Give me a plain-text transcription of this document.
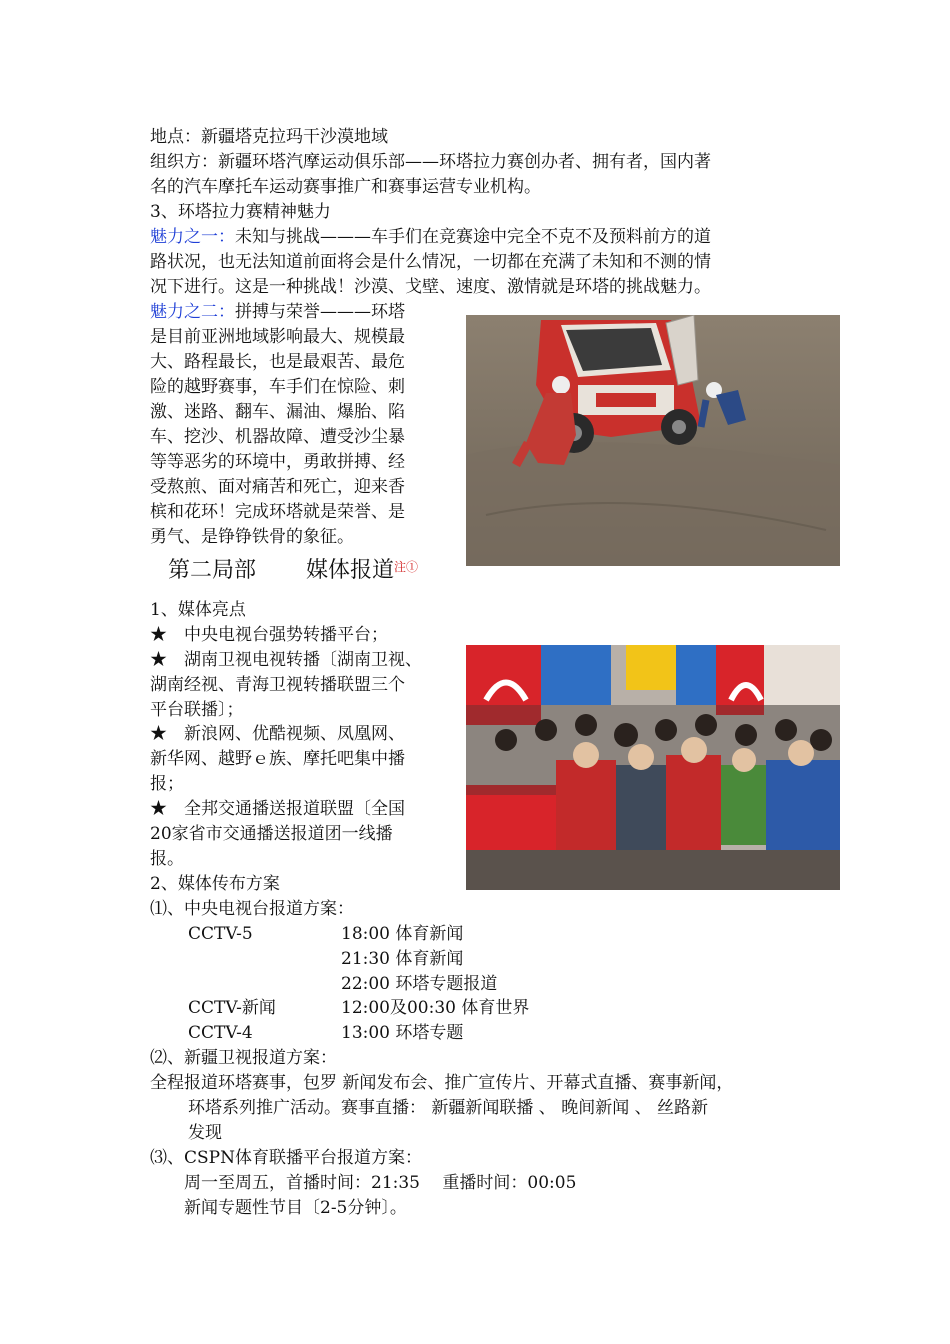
地点：新疆塔克拉玛干沙漠地域
组织方：新疆环塔汽摩运动俱乐部——环塔拉力赛创办者、拥有者，国内著
名的汽车摩托车运动赛事推广和赛事运营专业机构。
3、环塔拉力赛精神魅力
魅力之一：未知与挑战———车手们在竞赛途中完全不克不及预料前方的道
路状况，也无法知道前面将会是什么情况，一切都在充满了未知和不测的情
况下进行。这是一种挑战！沙漠、戈壁、速度、激情就是环塔的挑战魅力。
魅力之二：拼搏与荣誉———环塔
是目前亚洲地域影响最大、规模最
大、路程最长，也是最艰苦、最危
险的越野赛事，车手们在惊险、刺
激、迷路、翻车、漏油、爆胎、陷
车、挖沙、机器故障、遭受沙尘暴
等等恶劣的环境中，勇敢拼搏、经
受熬煎、面对痛苦和死亡，迎来香
槟和花环！完成环塔就是荣誉、是
勇气、是铮铮铁骨的象征。
第二局部 媒体报道$^{注①}$
1、媒体亮点
★　中央电视台强势转播平台；
★　湖南卫视电视转播〔湖南卫视、
湖南经视、青海卫视转播联盟三个
平台联播〕；
★　新浪网、优酷视频、凤凰网、
新华网、越野ｅ族、摩托吧集中播
报；
★　全邦交通播送报道联盟〔全国
20家省市交通播送报道团一线播
报。
2、媒体传布方案
⑴、中央电视台报道方案：
CCTV-5	18:00 体育新闻
21:30 体育新闻
22:00 环塔专题报道
CCTV-新闻	12:00及00:30 体育世界
CCTV-4	13:00 环塔专题
⑵、新疆卫视报道方案：
全程报道环塔赛事，包罗 新闻发布会、推广宣传片、开幕式直播、赛事新闻，
环塔系列推广活动。赛事直播： 新疆新闻联播 、 晚间新闻 、 丝路新
发现
⑶、CSPN体育联播平台报道方案：
周一至周五，首播时间：21:35　 重播时间：00:05
新闻专题性节目〔2-5分钟〕。
